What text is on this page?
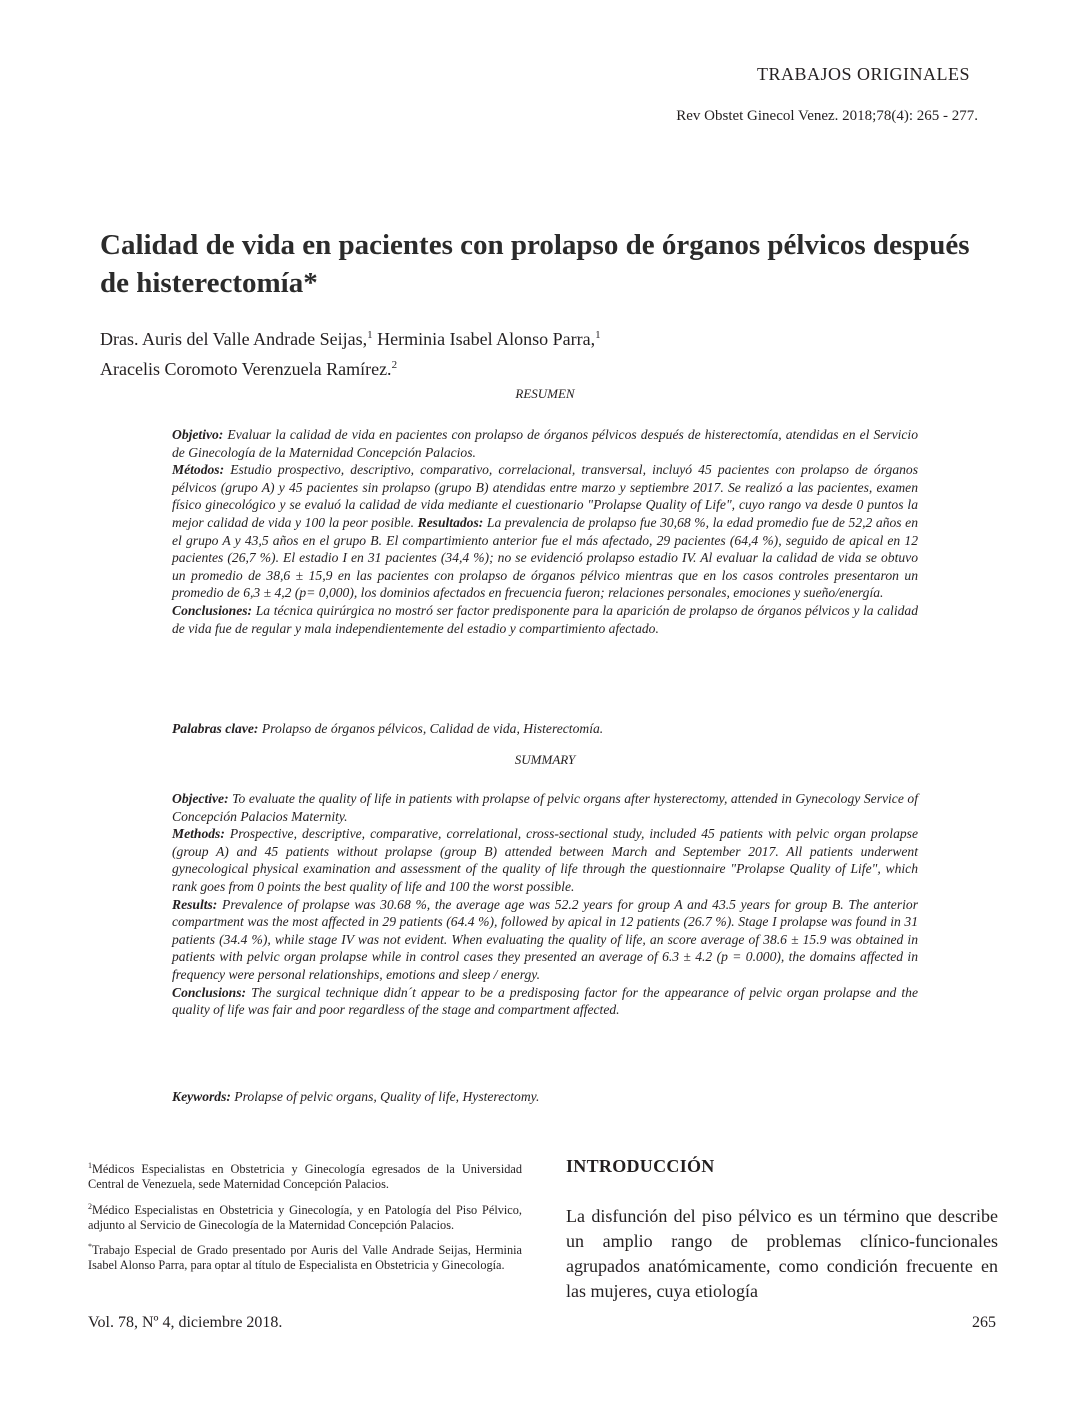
TRABAJOS ORIGINALES
Rev Obstet Ginecol Venez. 2018;78(4): 265 - 277.
Calidad de vida en pacientes con prolapso de órganos pélvicos después de histerectomía*
Dras. Auris del Valle Andrade Seijas,$^1$ Herminia Isabel Alonso Parra,$^1$
Aracelis Coromoto Verenzuela Ramírez.$^2$
RESUMEN

Objetivo: Evaluar la calidad de vida en pacientes con prolapso de órganos pélvicos después de histerectomía, atendidas en el Servicio de Ginecología de la Maternidad Concepción Palacios.
Métodos: Estudio prospectivo, descriptivo, comparativo, correlacional, transversal, incluyó 45 pacientes con prolapso de órganos pélvicos (grupo A) y 45 pacientes sin prolapso (grupo B) atendidas entre marzo y septiembre 2017. Se realizó a las pacientes, examen físico ginecológico y se evaluó la calidad de vida mediante el cuestionario "Prolapse Quality of Life", cuyo rango va desde 0 puntos la mejor calidad de vida y 100 la peor posible. Resultados: La prevalencia de prolapso fue 30,68 %, la edad promedio fue de 52,2 años en el grupo A y 43,5 años en el grupo B. El compartimiento anterior fue el más afectado, 29 pacientes (64,4 %), seguido de apical en 12 pacientes (26,7 %). El estadio I en 31 pacientes (34,4 %); no se evidenció prolapso estadio IV. Al evaluar la calidad de vida se obtuvo un promedio de 38,6 ± 15,9 en las pacientes con prolapso de órganos pélvico mientras que en los casos controles presentaron un promedio de 6,3 ± 4,2 (p= 0,000), los dominios afectados en frecuencia fueron; relaciones personales, emociones y sueño/energía.
Conclusiones: La técnica quirúrgica no mostró ser factor predisponente para la aparición de prolapso de órganos pélvicos y la calidad de vida fue de regular y mala independientemente del estadio y compartimiento afectado.

Palabras clave: Prolapso de órganos pélvicos, Calidad de vida, Histerectomía.

SUMMARY

Objective: To evaluate the quality of life in patients with prolapse of pelvic organs after hysterectomy, attended in Gynecology Service of Concepción Palacios Maternity.
Methods: Prospective, descriptive, comparative, correlational, cross-sectional study, included 45 patients with pelvic organ prolapse (group A) and 45 patients without prolapse (group B) attended between March and September 2017. All patients underwent gynecological physical examination and assessment of the quality of life through the questionnaire "Prolapse Quality of Life", which rank goes from 0 points the best quality of life and 100 the worst possible.
Results: Prevalence of prolapse was 30.68 %, the average age was 52.2 years for group A and 43.5 years for group B. The anterior compartment was the most affected in 29 patients (64.4 %), followed by apical in 12 patients (26.7 %). Stage I prolapse was found in 31 patients (34.4 %), while stage IV was not evident. When evaluating the quality of life, an score average of 38.6 ± 15.9 was obtained in patients with pelvic organ prolapse while in control cases they presented an average of 6.3 ± 4.2 (p = 0.000), the domains affected in frequency were personal relationships, emotions and sleep / energy.
Conclusions: The surgical technique didn´t appear to be a predisposing factor for the appearance of pelvic organ prolapse and the quality of life was fair and poor regardless of the stage and compartment affected.

Keywords: Prolapse of pelvic organs, Quality of life, Hysterectomy.

$^1$Médicos Especialistas en Obstetricia y Ginecología egresados de la Universidad Central de Venezuela, sede Maternidad Concepción Palacios.

$^2$Médico Especialistas en Obstetricia y Ginecología, y en Patología del Piso Pélvico, adjunto al Servicio de Ginecología de la Maternidad Concepción Palacios.

*Trabajo Especial de Grado presentado por Auris del Valle Andrade Seijas, Herminia Isabel Alonso Parra, para optar al título de Especialista en Obstetricia y Ginecología.

INTRODUCCIÓN

La disfunción del piso pélvico es un término que describe un amplio rango de problemas clínico-funcionales agrupados anatómicamente, como condición frecuente en las mujeres, cuya etiología

Vol. 78, Nº 4, diciembre 2018.	265
